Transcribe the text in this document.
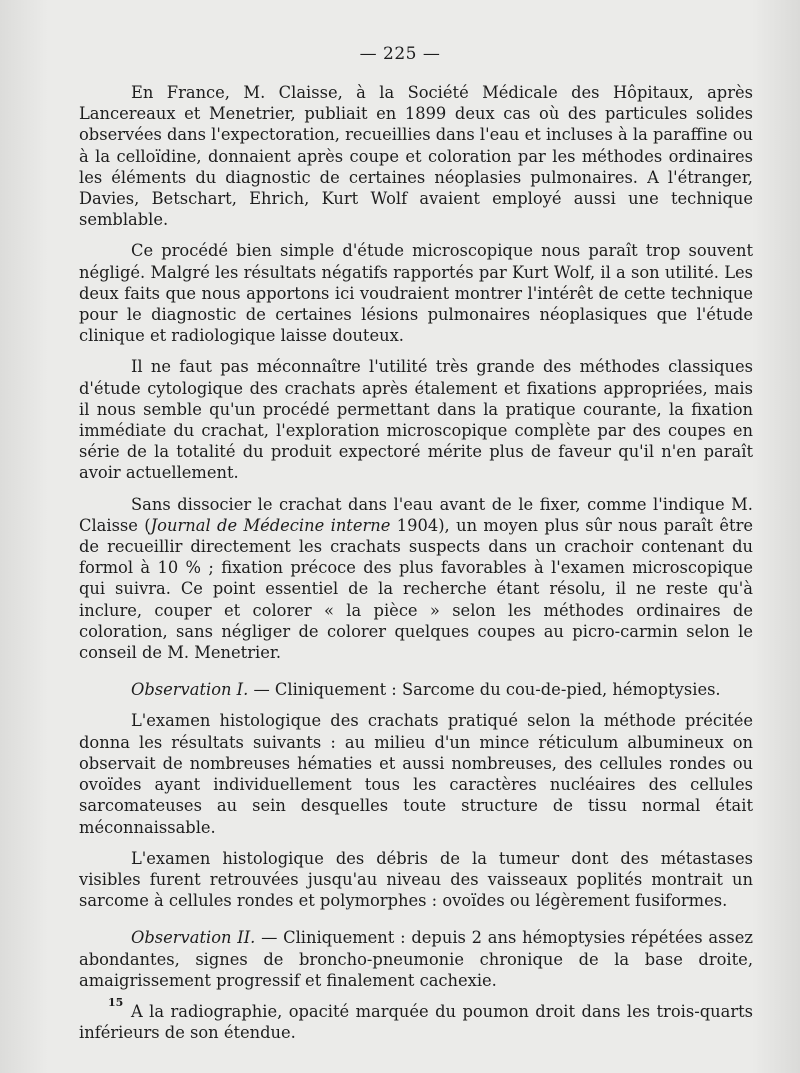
— 225 —

En France, M. Claisse, à la Société Médicale des Hôpitaux, après Lancereaux et Menetrier, publiait en 1899 deux cas où des particules solides observées dans l'expectoration, recueillies dans l'eau et incluses à la paraffine ou à la celloïdine, donnaient après coupe et coloration par les méthodes ordinaires les éléments du diagnostic de certaines néoplasies pulmonaires. A l'étranger, Davies, Betschart, Ehrich, Kurt Wolf avaient employé aussi une technique semblable.

Ce procédé bien simple d'étude microscopique nous paraît trop souvent négligé. Malgré les résultats négatifs rapportés par Kurt Wolf, il a son utilité. Les deux faits que nous apportons ici voudraient montrer l'intérêt de cette technique pour le diagnostic de certaines lésions pulmonaires néoplasiques que l'étude clinique et radiologique laisse douteux.

Il ne faut pas méconnaître l'utilité très grande des méthodes classiques d'étude cytologique des crachats après étalement et fixations appropriées, mais il nous semble qu'un procédé permettant dans la pratique courante, la fixation immédiate du crachat, l'exploration microscopique complète par des coupes en série de la totalité du produit expectoré mérite plus de faveur qu'il n'en paraît avoir actuellement.

Sans dissocier le crachat dans l'eau avant de le fixer, comme l'indique M. Claisse (Journal de Médecine interne 1904), un moyen plus sûr nous paraît être de recueillir directement les crachats suspects dans un crachoir contenant du formol à 10 % ; fixation précoce des plus favorables à l'examen microscopique qui suivra. Ce point essentiel de la recherche étant résolu, il ne reste qu'à inclure, couper et colorer « la pièce » selon les méthodes ordinaires de coloration, sans négliger de colorer quelques coupes au picro-carmin selon le conseil de M. Menetrier.

Observation I. — Cliniquement : Sarcome du cou-de-pied, hémoptysies.

L'examen histologique des crachats pratiqué selon la méthode précitée donna les résultats suivants : au milieu d'un mince réticulum albumineux on observait de nombreuses hématies et aussi nombreuses, des cellules rondes ou ovoïdes ayant individuellement tous les caractères nucléaires des cellules sarcomateuses au sein desquelles toute structure de tissu normal était méconnaissable.

L'examen histologique des débris de la tumeur dont des métastases visibles furent retrouvées jusqu'au niveau des vaisseaux poplités montrait un sarcome à cellules rondes et polymorphes : ovoïdes ou légèrement fusiformes.

Observation II. — Cliniquement : depuis 2 ans hémoptysies répétées assez abondantes, signes de broncho-pneumonie chronique de la base droite, amaigrissement progressif et finalement cachexie.

A la radiographie, opacité marquée du poumon droit dans les trois-quarts inférieurs de son étendue.

15
